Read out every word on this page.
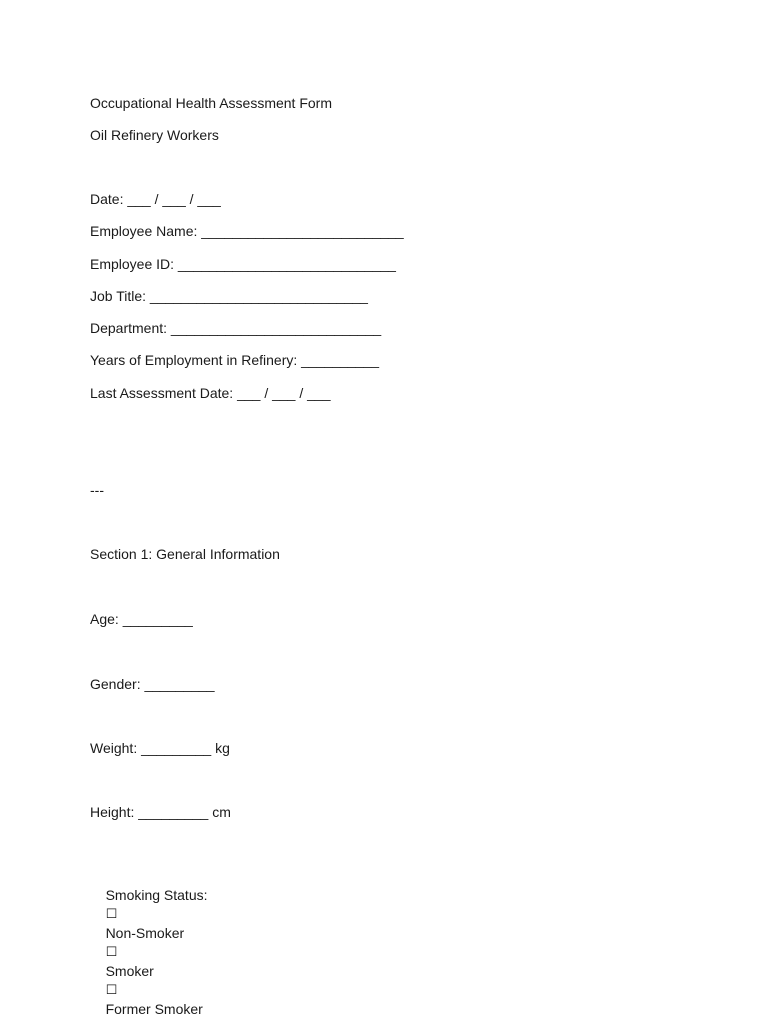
Occupational Health Assessment Form
Oil Refinery Workers
Date: ___ / ___ / ___
Employee Name: __________________________
Employee ID: ____________________________
Job Title: ____________________________
Department: ___________________________
Years of Employment in Refinery: __________
Last Assessment Date: ___ / ___ / ___
---
Section 1: General Information
Age: _________
Gender: _________
Weight: _________ kg
Height: _________ cm

Smoking Status:
☐
Non-Smoker
☐
Smoker
☐
Former Smoker
